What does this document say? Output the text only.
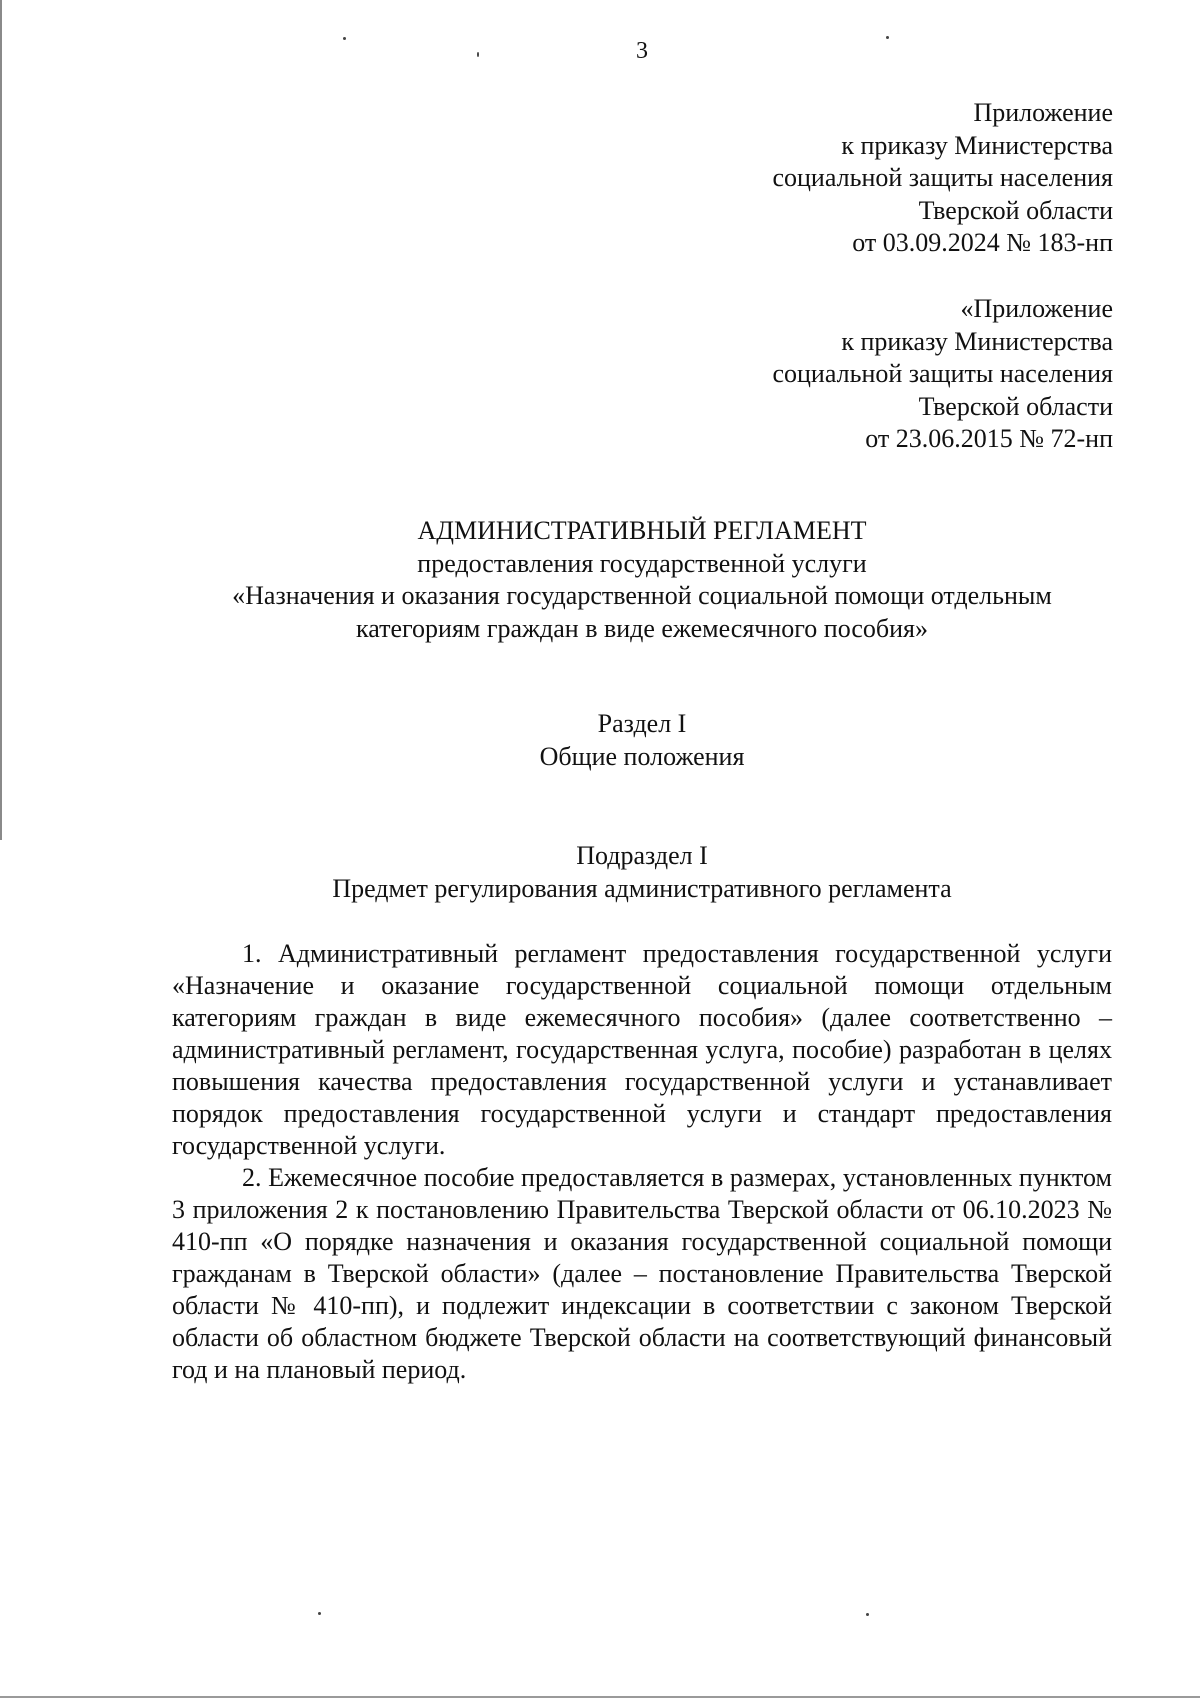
3
Приложение
к приказу Министерства
социальной защиты населения
Тверской области
от 03.09.2024 № 183-нп
«Приложение
к приказу Министерства
социальной защиты населения
Тверской области
от 23.06.2015 № 72-нп
АДМИНИСТРАТИВНЫЙ РЕГЛАМЕНТ
предоставления государственной услуги
«Назначения и оказания государственной социальной помощи отдельным
категориям граждан в виде ежемесячного пособия»
Раздел I
Общие положения
Подраздел I
Предмет регулирования административного регламента

1. Административный регламент предоставления государственной услуги «Назначение и оказание государственной социальной помощи отдельным категориям граждан в виде ежемесячного пособия» (далее соответственно – административный регламент, государственная услуга, пособие) разработан в целях повышения качества предоставления государственной услуги и устанавливает порядок предоставления государственной услуги и стандарт предоставления государственной услуги.

2. Ежемесячное пособие предоставляется в размерах, установленных пунктом 3 приложения 2 к постановлению Правительства Тверской области от 06.10.2023 № 410-пп «О порядке назначения и оказания государственной социальной помощи гражданам в Тверской области» (далее – постановление Правительства Тверской области № 410-пп), и подлежит индексации в соответствии с законом Тверской области об областном бюджете Тверской области на соответствующий финансовый год и на плановый период.
